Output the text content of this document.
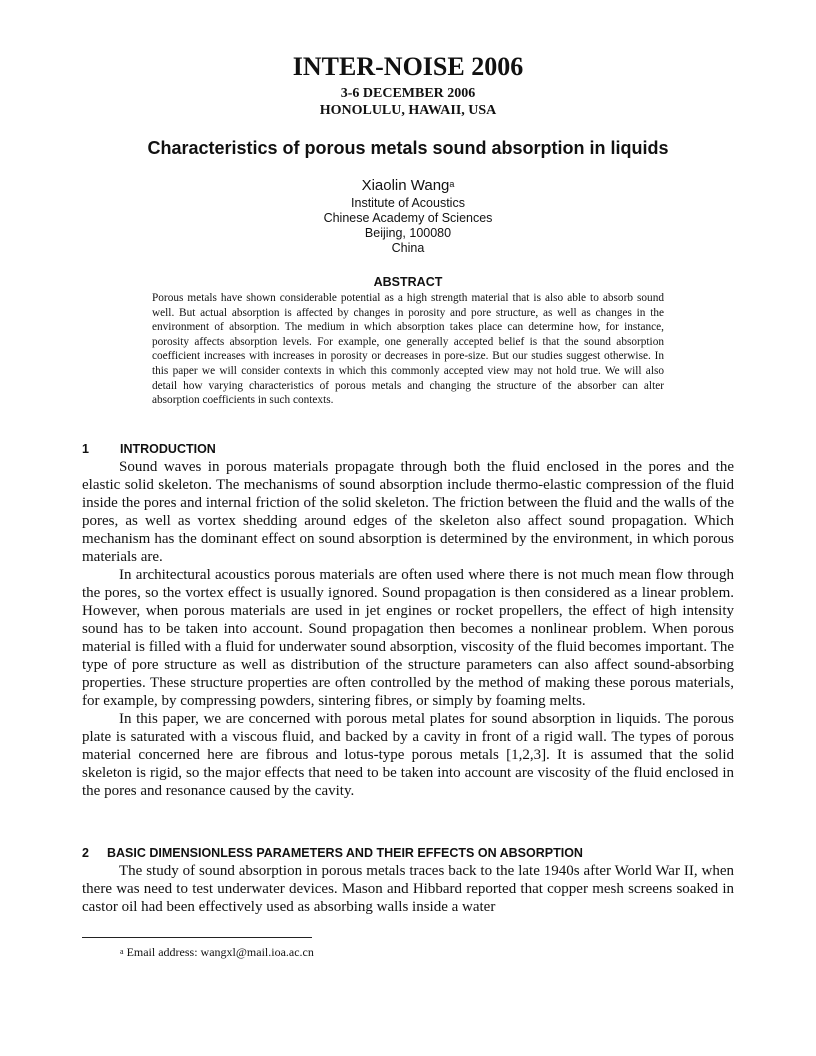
INTER-NOISE 2006
3-6 DECEMBER 2006
HONOLULU, HAWAII, USA
Characteristics of porous metals sound absorption in liquids
Xiaolin Wang$^a$
Institute of Acoustics
Chinese Academy of Sciences
Beijing, 100080
China
ABSTRACT
Porous metals have shown considerable potential as a high strength material that is also able to absorb sound well. But actual absorption is affected by changes in porosity and pore structure, as well as changes in the environment of absorption. The medium in which absorption takes place can determine how, for instance, porosity affects absorption levels. For example, one generally accepted belief is that the sound absorption coefficient increases with increases in porosity or decreases in pore-size. But our studies suggest otherwise. In this paper we will consider contexts in which this commonly accepted view may not hold true. We will also detail how varying characteristics of porous metals and changing the structure of the absorber can alter absorption coefficients in such contexts.
1 INTRODUCTION

Sound waves in porous materials propagate through both the fluid enclosed in the pores and the elastic solid skeleton. The mechanisms of sound absorption include thermo-elastic compression of the fluid inside the pores and internal friction of the solid skeleton. The friction between the fluid and the walls of the pores, as well as vortex shedding around edges of the skeleton also affect sound propagation. Which mechanism has the dominant effect on sound absorption is determined by the environment, in which porous materials are.

In architectural acoustics porous materials are often used where there is not much mean flow through the pores, so the vortex effect is usually ignored. Sound propagation is then considered as a linear problem. However, when porous materials are used in jet engines or rocket propellers, the effect of high intensity sound has to be taken into account. Sound propagation then becomes a nonlinear problem. When porous material is filled with a fluid for underwater sound absorption, viscosity of the fluid becomes important. The type of pore structure as well as distribution of the structure parameters can also affect sound-absorbing properties. These structure properties are often controlled by the method of making these porous materials, for example, by compressing powders, sintering fibres, or simply by foaming melts.

In this paper, we are concerned with porous metal plates for sound absorption in liquids. The porous plate is saturated with a viscous fluid, and backed by a cavity in front of a rigid wall. The types of porous material concerned here are fibrous and lotus-type porous metals [1,2,3]. It is assumed that the solid skeleton is rigid, so the major effects that need to be taken into account are viscosity of the fluid enclosed in the pores and resonance caused by the cavity.

2 BASIC DIMENSIONLESS PARAMETERS AND THEIR EFFECTS ON ABSORPTION

The study of sound absorption in porous metals traces back to the late 1940s after World War II, when there was need to test underwater devices. Mason and Hibbard reported that copper mesh screens soaked in castor oil had been effectively used as absorbing walls inside a water

$^a$ Email address: wangxl@mail.ioa.ac.cn
